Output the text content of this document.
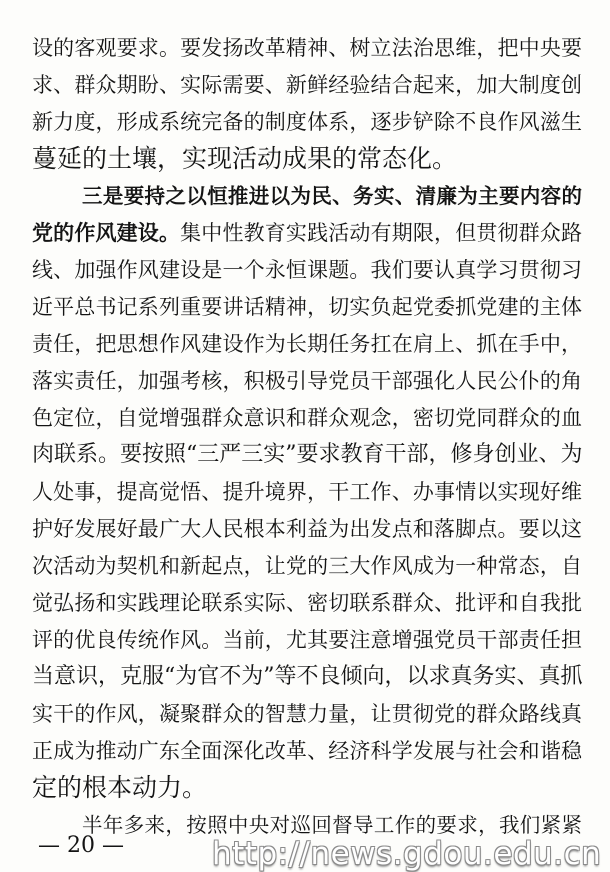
设的客观要求。要发扬改革精神、树立法治思维，把中央要
求、群众期盼、实际需要、新鲜经验结合起来，加大制度创
新力度，形成系统完备的制度体系，逐步铲除不良作风滋生
蔓延的土壤，实现活动成果的常态化。
三是要持之以恒推进以为民、务实、清廉为主要内容的
党的作风建设。集中性教育实践活动有期限，但贯彻群众路
线、加强作风建设是一个永恒课题。我们要认真学习贯彻习
近平总书记系列重要讲话精神，切实负起党委抓党建的主体
责任，把思想作风建设作为长期任务扛在肩上、抓在手中，
落实责任，加强考核，积极引导党员干部强化人民公仆的角
色定位，自觉增强群众意识和群众观念，密切党同群众的血
肉联系。要按照“三严三实”要求教育干部，修身创业、为
人处事，提高觉悟、提升境界，干工作、办事情以实现好维
护好发展好最广大人民根本利益为出发点和落脚点。要以这
次活动为契机和新起点，让党的三大作风成为一种常态，自
觉弘扬和实践理论联系实际、密切联系群众、批评和自我批
评的优良传统作风。当前，尤其要注意增强党员干部责任担
当意识，克服“为官不为”等不良倾向，以求真务实、真抓
实干的作风，凝聚群众的智慧力量，让贯彻党的群众路线真
正成为推动广东全面深化改革、经济科学发展与社会和谐稳
定的根本动力。
半年多来，按照中央对巡回督导工作的要求，我们紧紧
— 20 —	http://news.gdou.edu.cn
